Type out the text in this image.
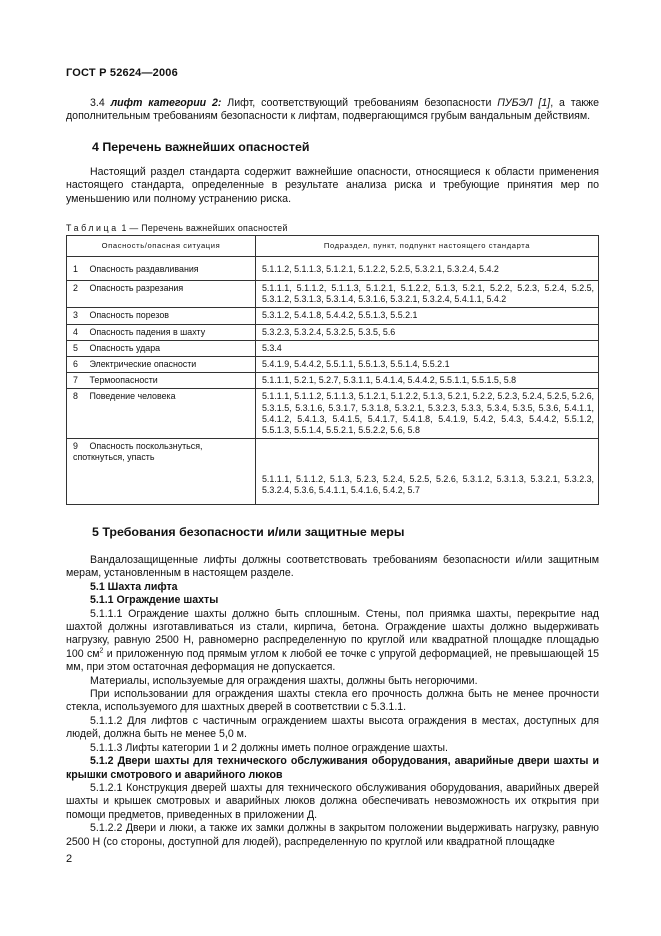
ГОСТ Р 52624—2006
3.4 лифт категории 2: Лифт, соответствующий требованиям безопасности ПУБЭЛ [1], а также дополнительным требованиям безопасности к лифтам, подвергающимся грубым вандальным действиям.
4 Перечень важнейших опасностей
Настоящий раздел стандарта содержит важнейшие опасности, относящиеся к области применения настоящего стандарта, определенные в результате анализа риска и требующие принятия мер по уменьшению или полному устранению риска.
Таблица 1 — Перечень важнейших опасностей
Опасность/опасная ситуация	Подраздел, пункт, подпункт настоящего стандарта
1 Опасность раздавливания	5.1.1.2, 5.1.1.3, 5.1.2.1, 5.1.2.2, 5.2.5, 5.3.2.1, 5.3.2.4, 5.4.2
2 Опасность разрезания	5.1.1.1, 5.1.1.2, 5.1.1.3, 5.1.2.1, 5.1.2.2, 5.1.3, 5.2.1, 5.2.2, 5.2.3, 5.2.4, 5.2.5, 5.3.1.2, 5.3.1.3, 5.3.1.4, 5.3.1.6, 5.3.2.1, 5.3.2.4, 5.4.1.1, 5.4.2
3 Опасность порезов	5.3.1.2, 5.4.1.8, 5.4.4.2, 5.5.1.3, 5.5.2.1
4 Опасность падения в шахту	5.3.2.3, 5.3.2.4, 5.3.2.5, 5.3.5, 5.6
5 Опасность удара	5.3.4
6 Электрические опасности	5.4.1.9, 5.4.4.2, 5.5.1.1, 5.5.1.3, 5.5.1.4, 5.5.2.1
7 Термоопасности	5.1.1.1, 5.2.1, 5.2.7, 5.3.1.1, 5.4.1.4, 5.4.4.2, 5.5.1.1, 5.5.1.5, 5.8
8 Поведение человека	5.1.1.1, 5.1.1.2, 5.1.1.3, 5.1.2.1, 5.1.2.2, 5.1.3, 5.2.1, 5.2.2, 5.2.3, 5.2.4, 5.2.5, 5.2.6, 5.3.1.5, 5.3.1.6, 5.3.1.7, 5.3.1.8, 5.3.2.1, 5.3.2.3, 5.3.3, 5.3.4, 5.3.5, 5.3.6, 5.4.1.1, 5.4.1.2, 5.4.1.3, 5.4.1.5, 5.4.1.7, 5.4.1.8, 5.4.1.9, 5.4.2, 5.4.3, 5.4.4.2, 5.5.1.2, 5.5.1.3, 5.5.1.4, 5.5.2.1, 5.5.2.2, 5.6, 5.8
9 Опасность поскользнуться, споткнуться, упасть	5.1.1.1, 5.1.1.2, 5.1.3, 5.2.3, 5.2.4, 5.2.5, 5.2.6, 5.3.1.2, 5.3.1.3, 5.3.2.1, 5.3.2.3, 5.3.2.4, 5.3.6, 5.4.1.1, 5.4.1.6, 5.4.2, 5.7
5 Требования безопасности и/или защитные меры

Вандалозащищенные лифты должны соответствовать требованиям безопасности и/или защитным мерам, установленным в настоящем разделе.

5.1 Шахта лифта

5.1.1 Ограждение шахты

5.1.1.1 Ограждение шахты должно быть сплошным. Стены, пол приямка шахты, перекрытие над шахтой должны изготавливаться из стали, кирпича, бетона. Ограждение шахты должно выдерживать нагрузку, равную 2500 Н, равномерно распределенную по круглой или квадратной площадке площадью 100 $см^2$ и приложенную под прямым углом к любой ее точке с упругой деформацией, не превышающей 15 мм, при этом остаточная деформация не допускается.

Материалы, используемые для ограждения шахты, должны быть негорючими.

При использовании для ограждения шахты стекла его прочность должна быть не менее прочности стекла, используемого для шахтных дверей в соответствии с 5.3.1.1.

5.1.1.2 Для лифтов с частичным ограждением шахты высота ограждения в местах, доступных для людей, должна быть не менее 5,0 м.

5.1.1.3 Лифты категории 1 и 2 должны иметь полное ограждение шахты.

5.1.2 Двери шахты для технического обслуживания оборудования, аварийные двери шахты и крышки смотрового и аварийного люков

5.1.2.1 Конструкция дверей шахты для технического обслуживания оборудования, аварийных дверей шахты и крышек смотровых и аварийных люков должна обеспечивать невозможность их открытия при помощи предметов, приведенных в приложении Д.

5.1.2.2 Двери и люки, а также их замки должны в закрытом положении выдерживать нагрузку, равную 2500 Н (со стороны, доступной для людей), распределенную по круглой или квадратной площадке

2
